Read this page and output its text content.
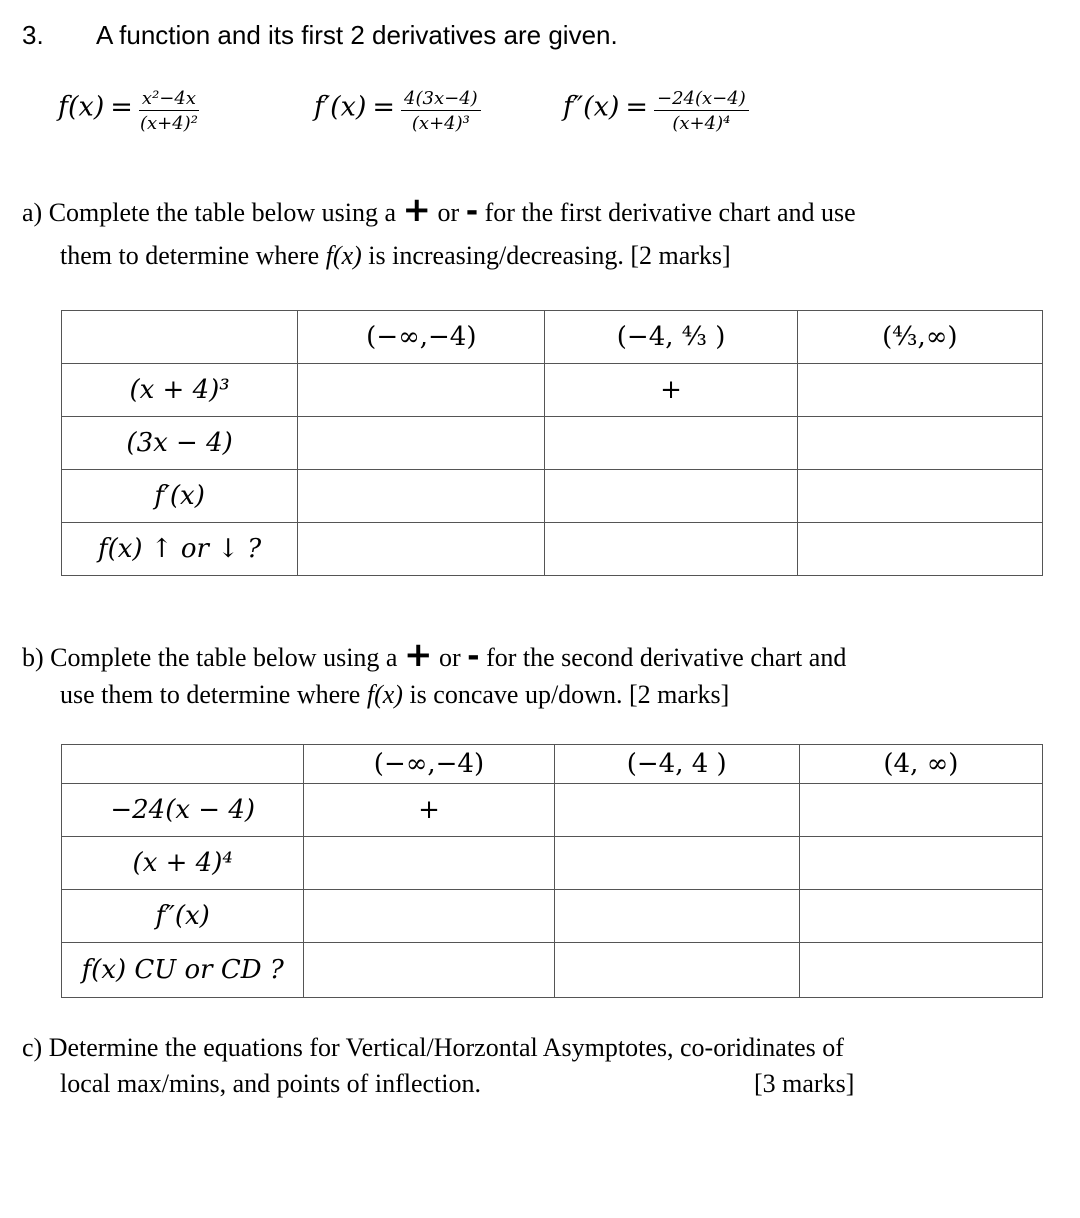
3. A function and its first 2 derivatives are given.
$f(x) = \frac{\text{x²−4x}}{\text{(x+4)²}}$	$f'(x) = \frac{4(3x-4)}{\text{(x+4)³}}$	$f''(x) = \frac{-24(x-4)}{\text{(x+4)⁴}}$
a) Complete the table below using a + or - for the first derivative chart and use
them to determine where f(x) is increasing/decreasing. [2 marks]
	(−∞,−4)	(−4, ⁴⁄₃ )	(⁴⁄₃,∞)
(x + 4)³		+	
(3x − 4)			
f′(x)			
f(x) ↑ or ↓ ?			
b) Complete the table below using a + or - for the second derivative chart and
use them to determine where f(x) is concave up/down. [2 marks]
	(−∞,−4)	(−4, 4 )	(4, ∞)
−24(x − 4)	+		
(x + 4)⁴			
f″(x)			
f(x) CU or CD ?			
c) Determine the equations for Vertical/Horzontal Asymptotes, co-oridinates of
local max/mins, and points of inflection.	[3 marks]
